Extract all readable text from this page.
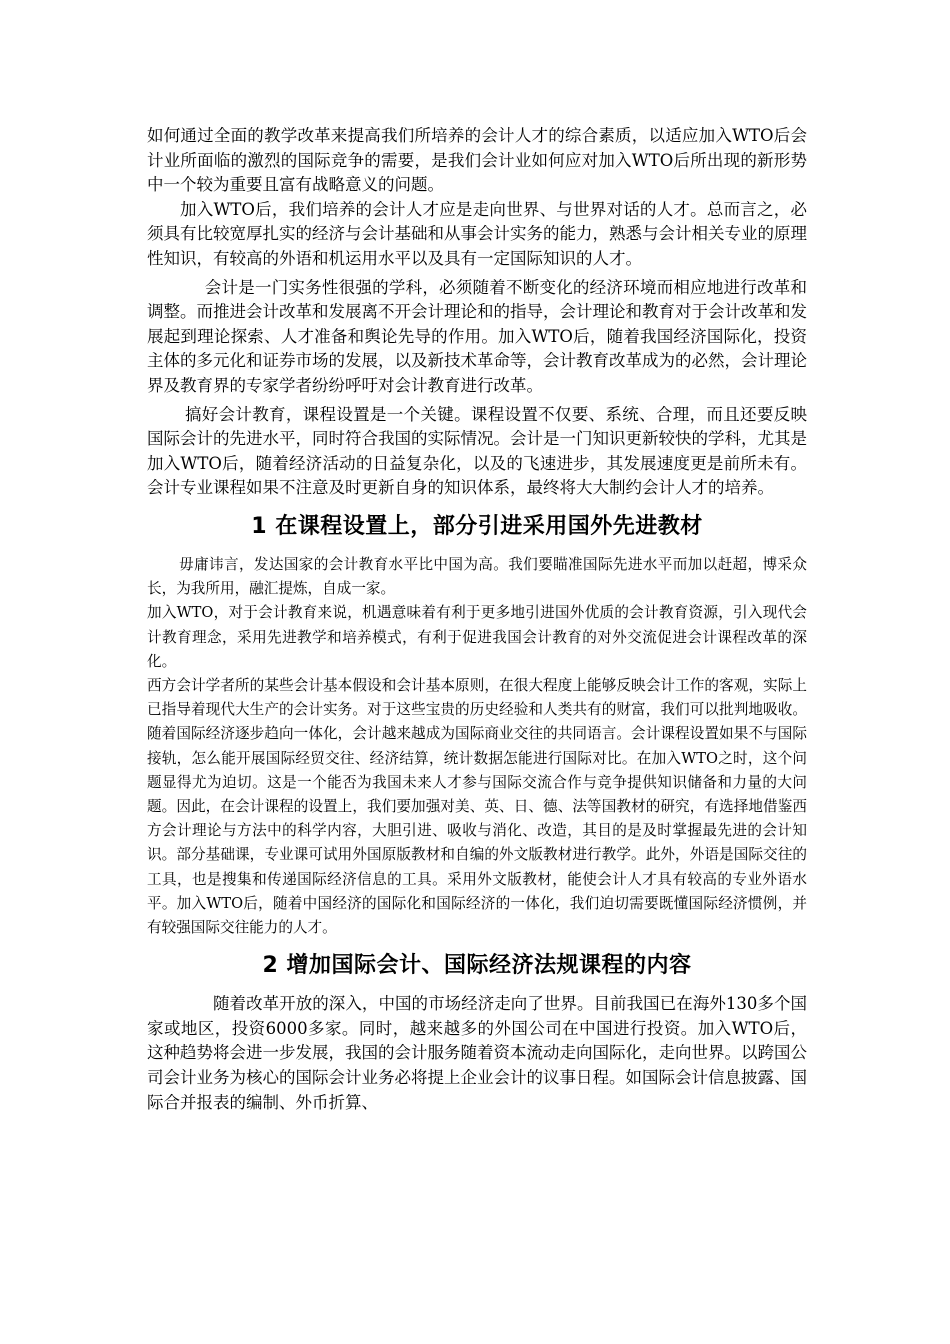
如何通过全面的教学改革来提高我们所培养的会计人才的综合素质，以适应加入WTO后会计业所面临的激烈的国际竞争的需要，是我们会计业如何应对加入WTO后所出现的新形势中一个较为重要且富有战略意义的问题。

加入WTO后，我们培养的会计人才应是走向世界、与世界对话的人才。总而言之，必须具有比较宽厚扎实的经济与会计基础和从事会计实务的能力，熟悉与会计相关专业的原理性知识，有较高的外语和机运用水平以及具有一定国际知识的人才。

会计是一门实务性很强的学科，必须随着不断变化的经济环境而相应地进行改革和调整。而推进会计改革和发展离不开会计理论和的指导，会计理论和教育对于会计改革和发展起到理论探索、人才准备和舆论先导的作用。加入WTO后，随着我国经济国际化，投资主体的多元化和证券市场的发展，以及新技术革命等，会计教育改革成为的必然，会计理论界及教育界的专家学者纷纷呼吁对会计教育进行改革。

搞好会计教育，课程设置是一个关键。课程设置不仅要、系统、合理，而且还要反映国际会计的先进水平，同时符合我国的实际情况。会计是一门知识更新较快的学科，尤其是加入WTO后，随着经济活动的日益复杂化，以及的飞速进步，其发展速度更是前所未有。会计专业课程如果不注意及时更新自身的知识体系，最终将大大制约会计人才的培养。

1 在课程设置上，部分引进采用国外先进教材

毋庸讳言，发达国家的会计教育水平比中国为高。我们要瞄准国际先进水平而加以赶超，博采众长，为我所用，融汇提炼，自成一家。

加入WTO，对于会计教育来说，机遇意味着有利于更多地引进国外优质的会计教育资源，引入现代会计教育理念，采用先进教学和培养模式，有利于促进我国会计教育的对外交流促进会计课程改革的深化。

西方会计学者所的某些会计基本假设和会计基本原则，在很大程度上能够反映会计工作的客观，实际上已指导着现代大生产的会计实务。对于这些宝贵的历史经验和人类共有的财富，我们可以批判地吸收。随着国际经济逐步趋向一体化，会计越来越成为国际商业交往的共同语言。会计课程设置如果不与国际接轨，怎么能开展国际经贸交往、经济结算，统计数据怎能进行国际对比。在加入WTO之时，这个问题显得尤为迫切。这是一个能否为我国未来人才参与国际交流合作与竞争提供知识储备和力量的大问题。因此，在会计课程的设置上，我们要加强对美、英、日、德、法等国教材的研究，有选择地借鉴西方会计理论与方法中的科学内容，大胆引进、吸收与消化、改造，其目的是及时掌握最先进的会计知识。部分基础课，专业课可试用外国原版教材和自编的外文版教材进行教学。此外，外语是国际交往的工具，也是搜集和传递国际经济信息的工具。采用外文版教材，能使会计人才具有较高的专业外语水平。加入WTO后，随着中国经济的国际化和国际经济的一体化，我们迫切需要既懂国际经济惯例，并有较强国际交往能力的人才。

2 增加国际会计、国际经济法规课程的内容

随着改革开放的深入，中国的市场经济走向了世界。目前我国已在海外130多个国家或地区，投资6000多家。同时，越来越多的外国公司在中国进行投资。加入WTO后，这种趋势将会进一步发展，我国的会计服务随着资本流动走向国际化，走向世界。以跨国公司会计业务为核心的国际会计业务必将提上企业会计的议事日程。如国际会计信息披露、国际合并报表的编制、外币折算、
